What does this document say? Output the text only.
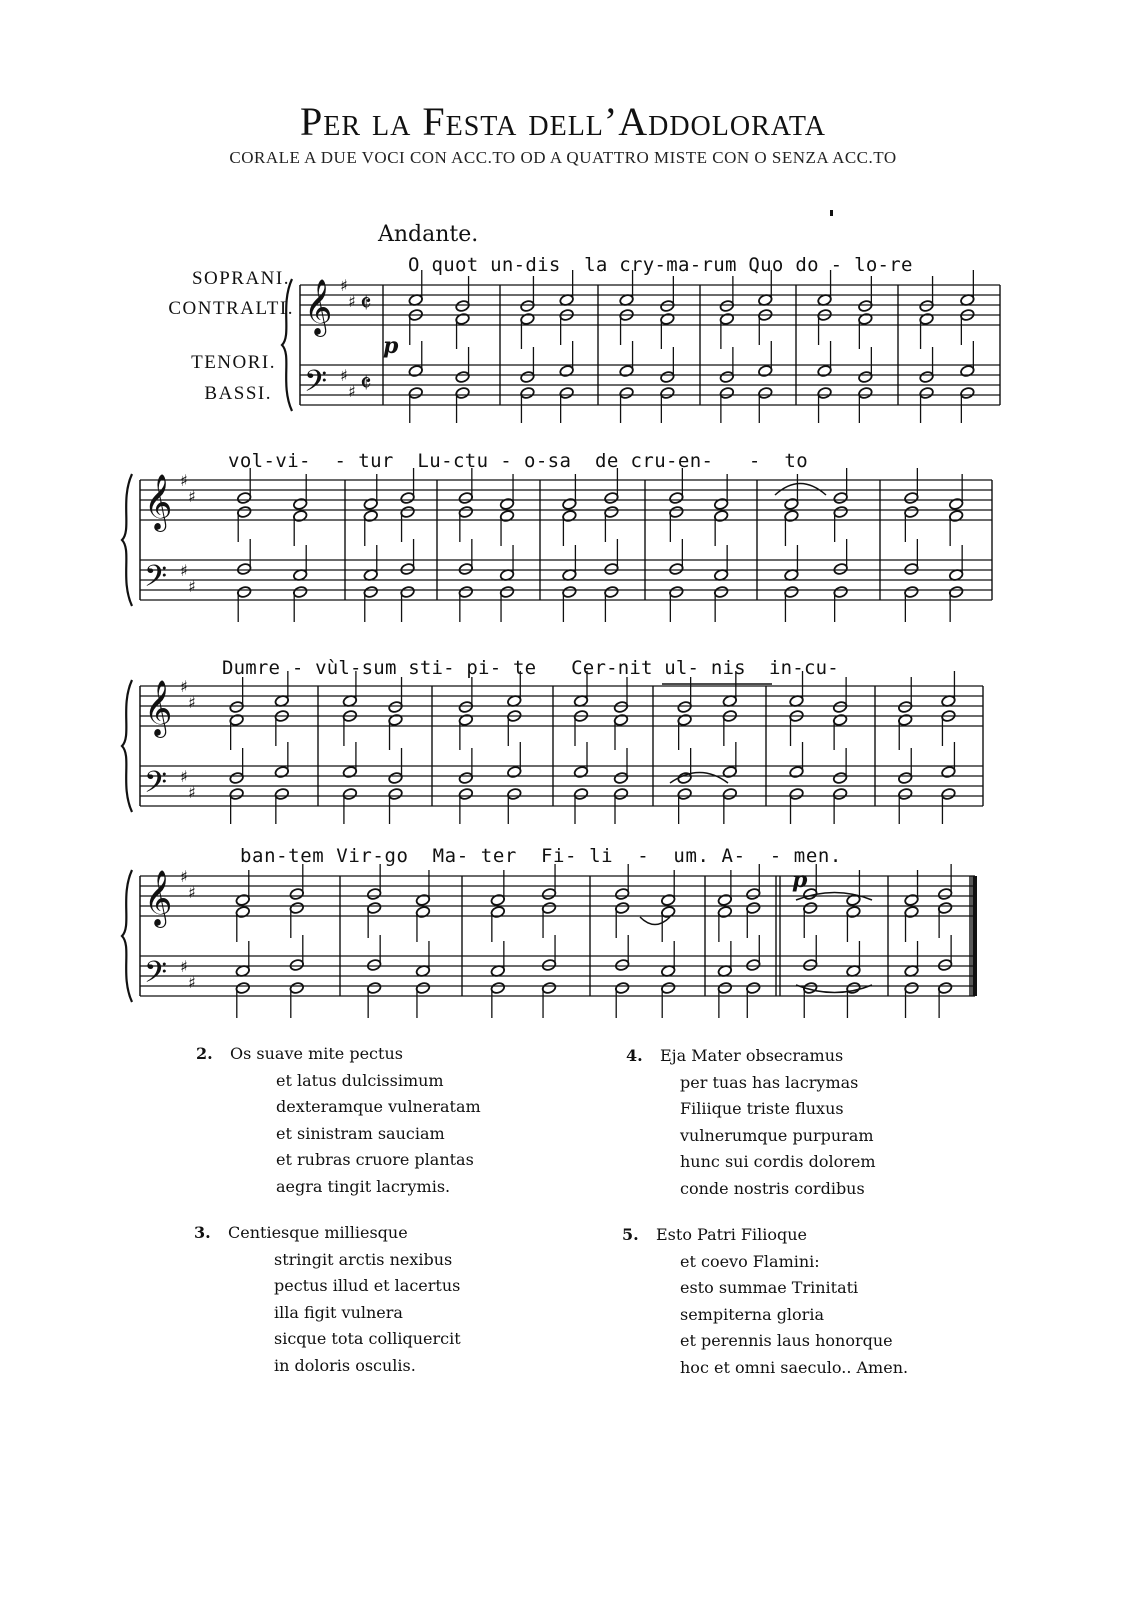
Per la Festa dell’Addolorata
CORALE A DUE VOCI CON ACC.TO OD A QUATTRO MISTE CON O SENZA ACC.TO
Andante.
SOPRANI.
CONTRALTI.
TENORI.
BASSI.
O quot un-dis  la cry-ma-rum Quo do - lo-re
vol-vi-  - tur  Lu-ctu - o-sa  de cru-en-   -  to
Dumre - vùl-sum sti- pi- te   Cer-nit ul- nis  in-cu-
ban-tem Vir-go  Ma- ter  Fi- li  -  um. A-  - men.
𝄞
𝄢
♯
♯
♯
♯
𝄵
𝄵
𝄞
𝄢
♯
♯
♯
♯
𝄞
𝄢
♯
♯
♯
♯
𝄞
𝄢
♯
♯
♯
♯
p
p
2. Os suave mite pectus
et latus dulcissimum
dexteramque vulneratam
et sinistram sauciam
et rubras cruore plantas
aegra tingit lacrymis.
3. Centiesque milliesque
stringit arctis nexibus
pectus illud et lacertus
illa figit vulnera
sicque tota colliquercit
in doloris osculis.
4. Eja Mater obsecramus
per tuas has lacrymas
Filiique triste fluxus
vulnerumque purpuram
hunc sui cordis dolorem
conde nostris cordibus
5. Esto Patri Filioque
et coevo Flamini:
esto summae Trinitati
sempiterna gloria
et perennis laus honorque
hoc et omni saeculo.. Amen.
